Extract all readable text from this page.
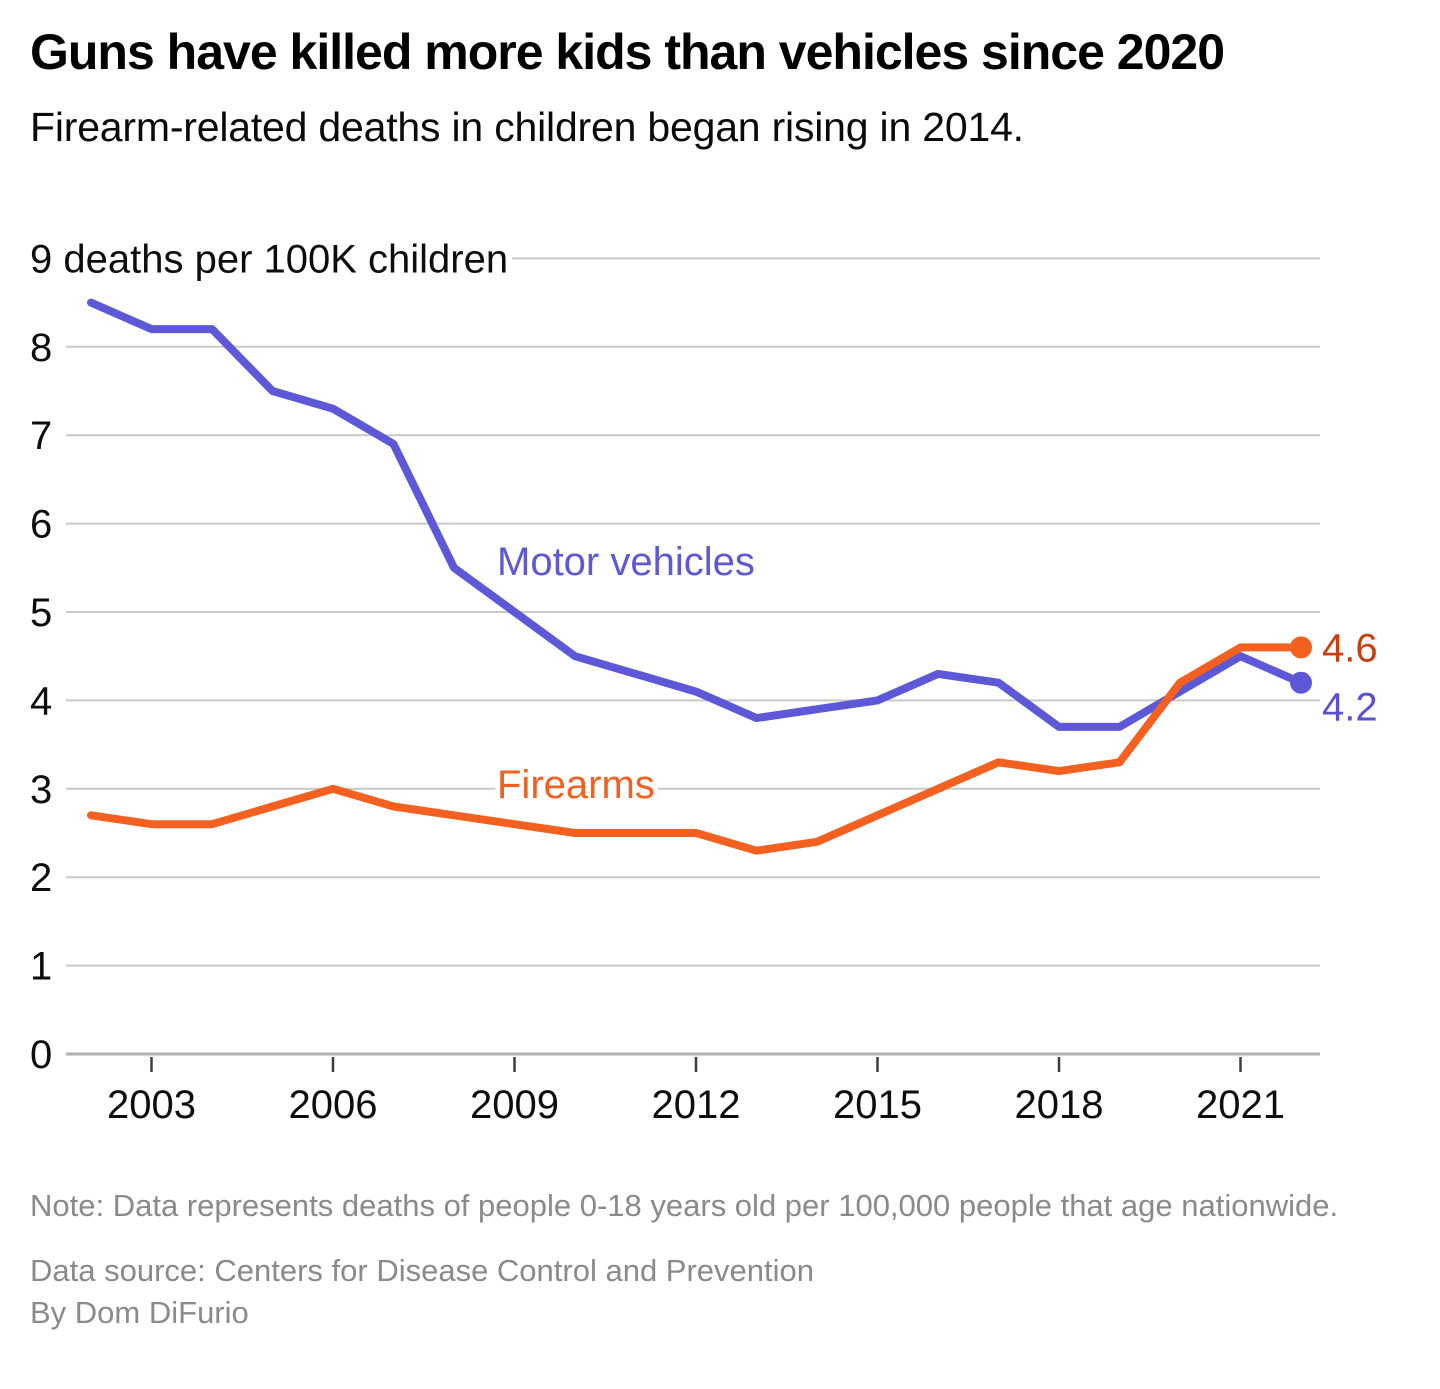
Guns have killed more kids than vehicles since 2020

Firearm-related deaths in children began rising in 2014.

0
1
2
3
4
5
6
7
8
9 deaths per 100K children
2003 2006 2009 2012 2015 2018 2021
Motor vehicles
Firearms
4.2
4.6

Note: Data represents deaths of people 0-18 years old per 100,000 people that age nationwide.

Data source: Centers for Disease Control and Prevention

By Dom DiFurio
